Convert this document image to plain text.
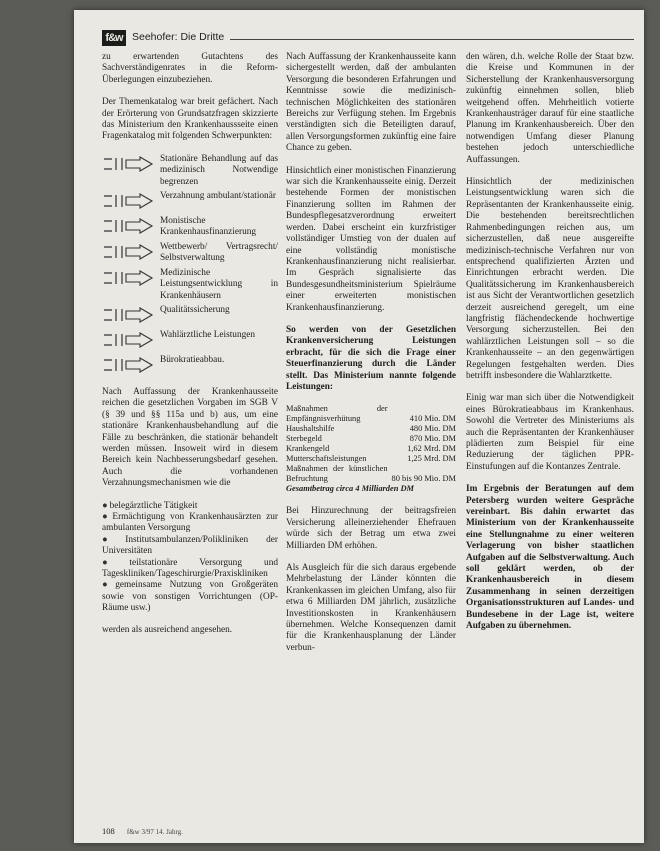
f&w Seehofer: Die Dritte

zu erwartenden Gutachtens des Sachverständigenrates in die Reform-Überlegungen einzubeziehen.

Der Themenkatalog war breit gefächert. Nach der Erörterung von Grundsatzfragen skizzierte das Ministerium den Krankenhaussseite einen Fragenkatalog mit folgenden Schwerpunkten:

Stationäre Behandlung auf das medizinisch Notwendige begrenzen
Verzahnung ambulant/stationär
Monistische Krankenhausfinanzierung
Wettbewerb/ Vertragsrecht/ Selbstverwaltung
Medizinische Leistungsentwicklung in Krankenhäusern
Qualitätssicherung
Wahlärztliche Leistungen
Bürokratieabbau.

Nach Auffassung der Krankenhausseite reichen die gesetzlichen Vorgaben im SGB V (§ 39 und §§ 115a und b) aus, um eine stationäre Krankenhausbehandlung auf die Fälle zu beschränken, die stationär behandelt werden müssen. Insoweit wird in diesem Bereich kein Nachbesserungsbedarf gesehen. Auch die vorhandenen Verzahnungsmechanismen wie die

● belegärztliche Tätigkeit

● Ermächtigung von Krankenhausärzten zur ambulanten Versorgung

● Institutsambulanzen/Polikliniken der Universitäten

● teilstationäre Versorgung und Tageskliniken/Tageschirurgie/Praxiskliniken

● gemeinsame Nutzung von Großgeräten sowie von sonstigen Vorrichtungen (OP-Räume usw.)

werden als ausreichend angesehen.

Nach Auffassung der Krankenhausseite kann sichergestellt werden, daß der ambulanten Versorgung die besonderen Erfahrungen und Kenntnisse sowie die medizinisch-technischen Möglichkeiten des stationären Bereichs zur Verfügung stehen. Im Ergebnis verständigten sich die Beteiligten darauf, allen Versorgungsformen zukünftig eine faire Chance zu geben.

Hinsichtlich einer monistischen Finanzierung war sich die Krankenhausseite einig. Derzeit bestehende Formen der monistischen Finanzierung sollten im Rahmen der Bundespflegesatzverordnung erweitert werden. Dabei erscheint ein kurzfristiger vollständiger Umstieg von der dualen auf eine vollständig monistische Krankenhausfinanzierung nicht realisierbar. Im Gespräch signalisierte das Bundesgesundheitsministerium Spielräume einer erweiterten monistischen Krankenhausfinanzierung.

So werden von der Gesetzlichen Krankenversicherung Leistungen erbracht, für die sich die Frage einer Steuerfinanzierung durch die Länder stellt. Das Ministerium nannte folgende Leistungen:

Maßnahmen der Empfängnisverhütung	410 Mio. DM
Haushaltshilfe	480 Mio. DM
Sterbegeld	870 Mio. DM
Krankengeld	1,62 Mrd. DM
Mutterschaftsleistungen	1,25 Mrd. DM
Maßnahmen der künstlichen Befruchtung	80 bis 90 Mio. DM
Gesamtbetrag circa 4 Milliarden DM	

Bei Hinzurechnung der beitragsfreien Versicherung alleinerziehender Ehefrauen würde sich der Betrag um etwa zwei Milliarden DM erhöhen.

Als Ausgleich für die sich daraus ergebende Mehrbelastung der Länder könnten die Krankenkassen im gleichen Umfang, also für etwa 6 Milliarden DM jährlich, zusätzliche Investitionskosten in Krankenhäusern übernehmen. Welche Konsequenzen damit für die Krankenhausplanung der Länder verbun-

den wären, d.h. welche Rolle der Staat bzw. die Kreise und Kommunen in der Sicherstellung der Krankenhausversorgung zukünftig einnehmen sollen, blieb weitgehend offen. Mehrheitlich votierte Krankenhausträger darauf für eine staatliche Planung im Krankenhausbereich. Über den notwendigen Umfang dieser Planung bestehen jedoch unterschiedliche Auffassungen.

Hinsichtlich der medizinischen Leistungsentwicklung waren sich die Repräsentanten der Krankenhausseite einig. Die bestehenden bereitsrechtlichen Rahmenbedingungen reichen aus, um sicherzustellen, daß neue ausgereifte medizinisch-technische Verfahren nur von entsprechend qualifizierten Ärzten und Einrichtungen erbracht werden. Die Qualitätssicherung im Krankenhausbereich ist aus Sicht der Verantwortlichen gesetzlich derzeit ausreichend geregelt, um eine langfristig flächendeckende hochwertige Versorgung sicherzustellen. Bei den wahlärztlichen Leistungen soll – so die Krankenhausseite – an den gegenwärtigen Regelungen festgehalten werden. Dies betrifft insbesondere die Wahlarztkette.

Einig war man sich über die Notwendigkeit eines Bürokratieabbaus im Krankenhaus. Sowohl die Vertreter des Ministeriums als auch die Repräsentanten der Krankenhäuser plädierten zum Beispiel für eine Reduzierung der täglichen PPR-Einstufungen auf die Kontanzes Zentrale.

Im Ergebnis der Beratungen auf dem Petersberg wurden weitere Gespräche vereinbart. Bis dahin erwartet das Ministerium von der Krankenhausseite eine Stellungnahme zu einer weiteren Verlagerung von bisher staatlichen Aufgaben auf die Selbstverwaltung. Auch soll geklärt werden, ob der Krankenhausbereich in diesem Zusammenhang in seinen derzeitigen Organisationsstrukturen auf Landes- und Bundesebene in der Lage ist, weitere Aufgaben zu übernehmen.

108 f&w 3/97 14. Jahrg.
